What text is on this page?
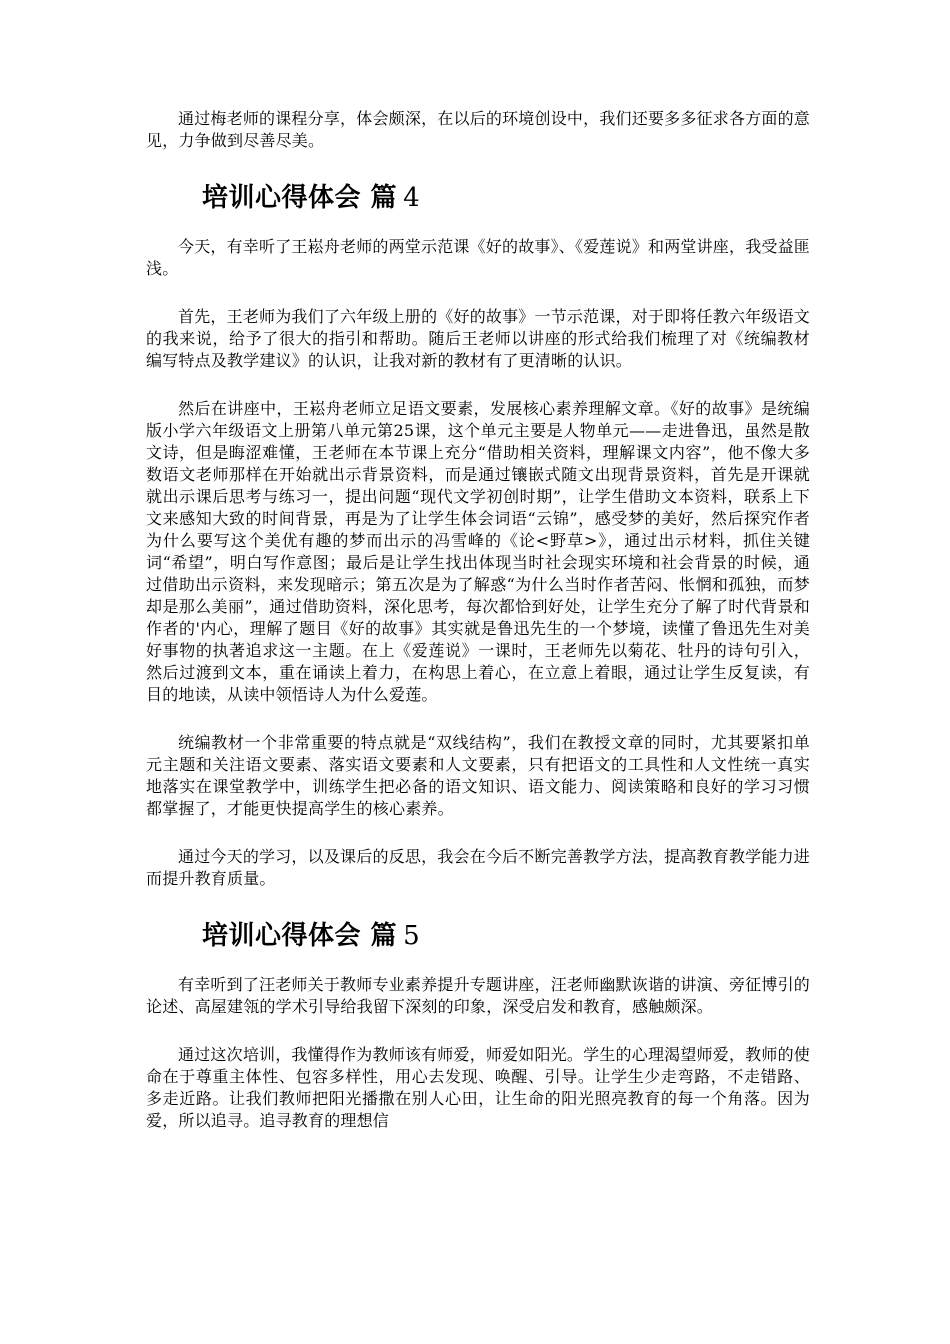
通过梅老师的课程分享，体会颇深，在以后的环境创设中，我们还要多多征求各方面的意见，力争做到尽善尽美。

培训心得体会 篇 4

今天，有幸听了王崧舟老师的两堂示范课《好的故事》、《爱莲说》和两堂讲座，我受益匪浅。

首先，王老师为我们了六年级上册的《好的故事》一节示范课，对于即将任教六年级语文的我来说，给予了很大的指引和帮助。随后王老师以讲座的形式给我们梳理了对《统编教材编写特点及教学建议》的认识，让我对新的教材有了更清晰的认识。

然后在讲座中，王崧舟老师立足语文要素，发展核心素养理解文章。《好的故事》是统编版小学六年级语文上册第八单元第25课，这个单元主要是人物单元——走进鲁迅，虽然是散文诗，但是晦涩难懂，王老师在本节课上充分“借助相关资料，理解课文内容”，他不像大多数语文老师那样在开始就出示背景资料，而是通过镶嵌式随文出现背景资料，首先是开课就就出示课后思考与练习一，提出问题“现代文学初创时期”，让学生借助文本资料，联系上下文来感知大致的时间背景，再是为了让学生体会词语“云锦”，感受梦的美好，然后探究作者为什么要写这个美优有趣的梦而出示的冯雪峰的《论<野草>》，通过出示材料，抓住关键词“希望”，明白写作意图；最后是让学生找出体现当时社会现实环境和社会背景的时候，通过借助出示资料，来发现暗示；第五次是为了解惑“为什么当时作者苦闷、怅惘和孤独，而梦却是那么美丽”，通过借助资料，深化思考，每次都恰到好处，让学生充分了解了时代背景和作者的'内心，理解了题目《好的故事》其实就是鲁迅先生的一个梦境，读懂了鲁迅先生对美好事物的执著追求这一主题。在上《爱莲说》一课时，王老师先以菊花、牡丹的诗句引入，然后过渡到文本，重在诵读上着力，在构思上着心，在立意上着眼，通过让学生反复读，有目的地读，从读中领悟诗人为什么爱莲。

统编教材一个非常重要的特点就是“双线结构”，我们在教授文章的同时，尤其要紧扣单元主题和关注语文要素、落实语文要素和人文要素，只有把语文的工具性和人文性统一真实地落实在课堂教学中，训练学生把必备的语文知识、语文能力、阅读策略和良好的学习习惯都掌握了，才能更快提高学生的核心素养。

通过今天的学习，以及课后的反思，我会在今后不断完善教学方法，提高教育教学能力进而提升教育质量。

培训心得体会 篇 5

有幸听到了汪老师关于教师专业素养提升专题讲座，汪老师幽默诙谐的讲演、旁征博引的论述、高屋建瓴的学术引导给我留下深刻的印象，深受启发和教育，感触颇深。

通过这次培训，我懂得作为教师该有师爱，师爱如阳光。学生的心理渴望师爱，教师的使命在于尊重主体性、包容多样性，用心去发现、唤醒、引导。让学生少走弯路，不走错路、多走近路。让我们教师把阳光播撒在别人心田，让生命的阳光照亮教育的每一个角落。因为爱，所以追寻。追寻教育的理想信
